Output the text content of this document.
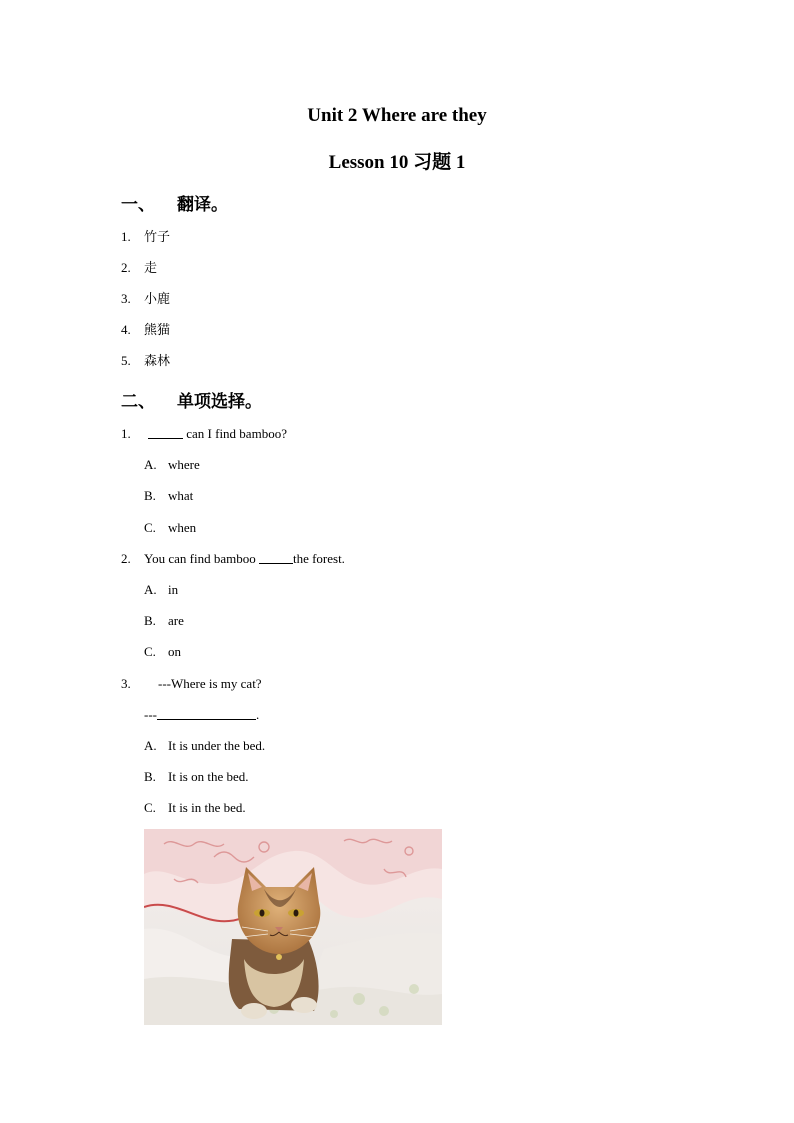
Unit 2 Where are they
Lesson 10 习题 1
一、 翻译。
1. 竹子
2. 走
3. 小鹿
4. 熊猫
5. 森林
二、 单项选择。
1.	can I find bamboo?
A. where
B. what
C. when
2. You can find bamboo	the forest.
A. in
B. are
C. on
3. ---Where is my cat?
---	.
A. It is under the bed.
B. It is on the bed.
C. It is in the bed.
